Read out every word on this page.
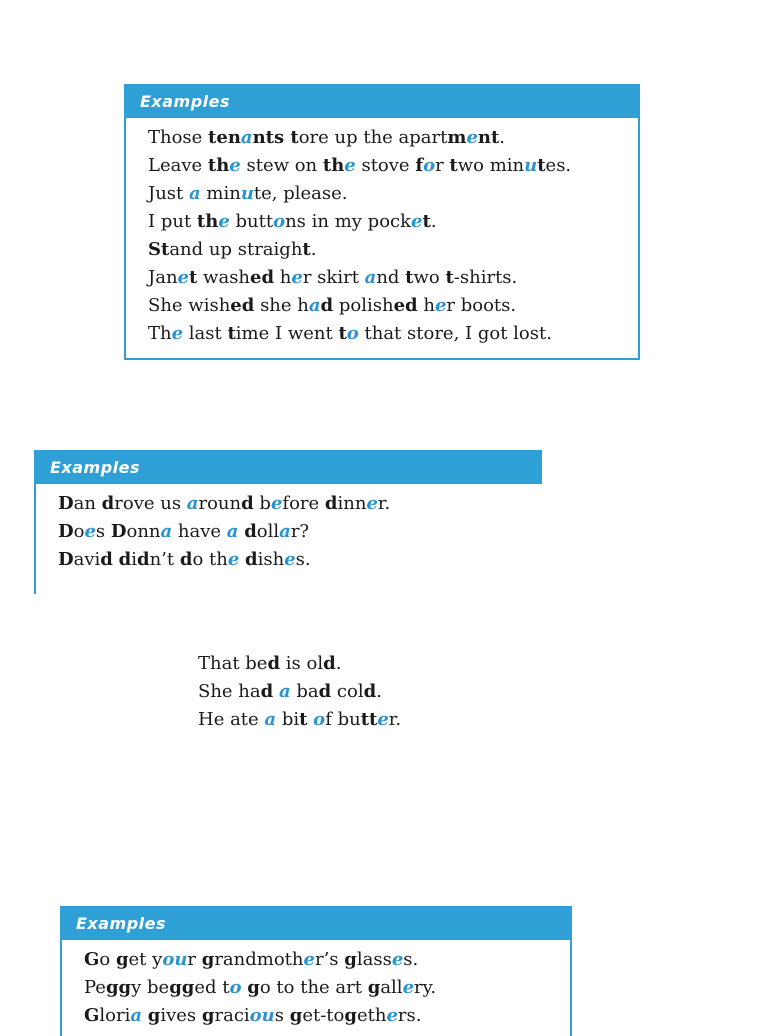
Examples
Those tenants tore up the apartment.
Leave the stew on the stove for two minutes.
Just a minute, please.
I put the buttons in my pocket.
Stand up straight.
Janet washed her skirt and two t-shirts.
She wished she had polished her boots.
The last time I went to that store, I got lost.
Examples
Dan drove us around before dinner.
Does Donna have a dollar?
David didn’t do the dishes.
That bed is old.
She had a bad cold.
He ate a bit of butter.
Examples
Go get your grandmother’s glasses.
Peggy begged to go to the art gallery.
Gloria gives gracious get-togethers.
